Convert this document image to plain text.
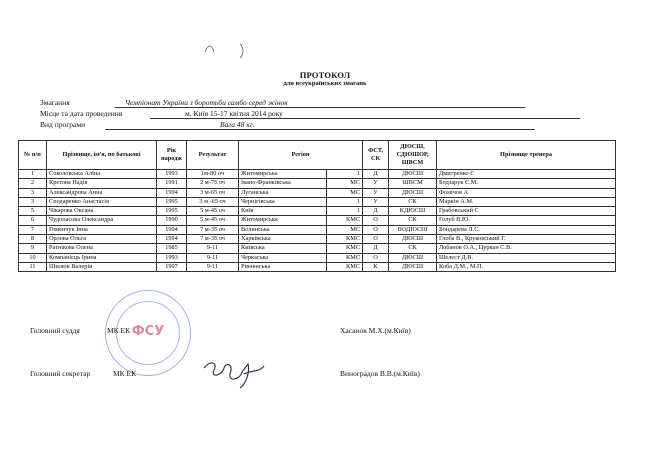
ПРОТОКОЛ
для всеукраїнських змагань
Змагання	Чемпіонат України з боротьби самбо серед жінок
Місце та дата проведення	м. Київ 15-17 квітня 2014 року
Вид програми	Вага 48 кг.
№ п/п	Прізвище, ім'я, по батькові	Рік народж	Результат	Регіон		ФСТ, СК	ДЮСШ, СДЮШОР, ШВСМ	Прізвище тренера
1	Соколовська Аліна	1993	1м-80 оч	Житомирська	1	Д	ДЮСШ	Дмитренко Є
2	Кретова Надія	1991	2 м-75 оч	Івано-Франківська	МС	У	ШВСМ	Бодзарук Є.М.
3	Александрова Анна	1994	3 м-65 оч	Луганська	МС	У	ДЮСШ	Фомічов А
3	Сподаренко Анастасія	1995	3 м -65 оч	Чернігівська	1	У	СК	Маркін А.М.
5	Чікарова Оксана	1995	5 м-45 оч	Київ	1	Д	КДЮСШ	Грабовський С
6	Чудопасова Олександра	1990	5 м-45 оч	Житомирська	КМС	О	СК	Голуб В.Ю.
7	Гоменчук Інна	1994	7 м-35 оч	Волинська	МС	О	ВОДЮСШ	Бондарева Л.С.
8	Орлова Ольга	1994	7 м-35 оч	Харківська	КМС	О	ДЮСШ	Глоба В., Круковський Г.
9	Ратнікова Олена	1985	9-11	Київська	КМС	Д	СК	Лобанов О.А., Цуркан С.В.
10	Компанієць Ірина	1993	9-11	Черкаська	КМС	О	ДЮСШ	Шелест Д.В.
11	Шилюк Валерія	1997	9-11	Рівненська	КМС	К	ДЮСШ	Коба Д.М., М.П.
ФСУ
Головний суддя	МК ЕК	Хасанов М.Х.(м.Київ)
Головний секретар	МК ЕК	Виноградов В.В.(м.Київ)
